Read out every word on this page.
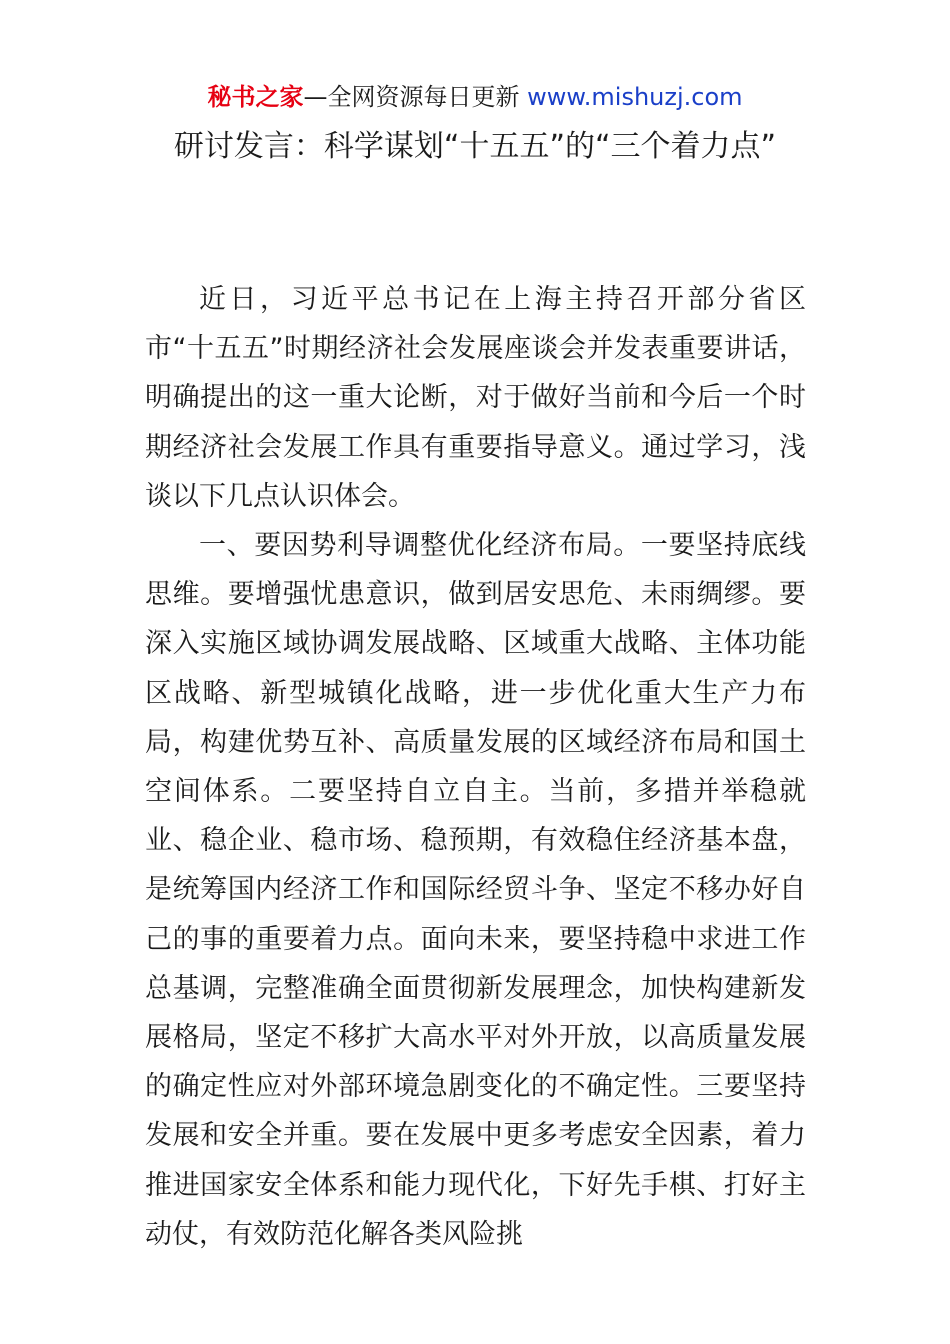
秘书之家—全网资源每日更新 www.mishuzj.com
研讨发言：科学谋划“十五五”的“三个着力点”

近日，习近平总书记在上海主持召开部分省区市“十五五”时期经济社会发展座谈会并发表重要讲话，明确提出的这一重大论断，对于做好当前和今后一个时期经济社会发展工作具有重要指导意义。通过学习，浅谈以下几点认识体会。

一、要因势利导调整优化经济布局。一要坚持底线思维。要增强忧患意识，做到居安思危、未雨绸缪。要深入实施区域协调发展战略、区域重大战略、主体功能区战略、新型城镇化战略，进一步优化重大生产力布局，构建优势互补、高质量发展的区域经济布局和国土空间体系。二要坚持自立自主。当前，多措并举稳就业、稳企业、稳市场、稳预期，有效稳住经济基本盘，是统筹国内经济工作和国际经贸斗争、坚定不移办好自己的事的重要着力点。面向未来，要坚持稳中求进工作总基调，完整准确全面贯彻新发展理念，加快构建新发展格局，坚定不移扩大高水平对外开放，以高质量发展的确定性应对外部环境急剧变化的不确定性。三要坚持发展和安全并重。要在发展中更多考虑安全因素，着力推进国家安全体系和能力现代化，下好先手棋、打好主动仗，有效防范化解各类风险挑
